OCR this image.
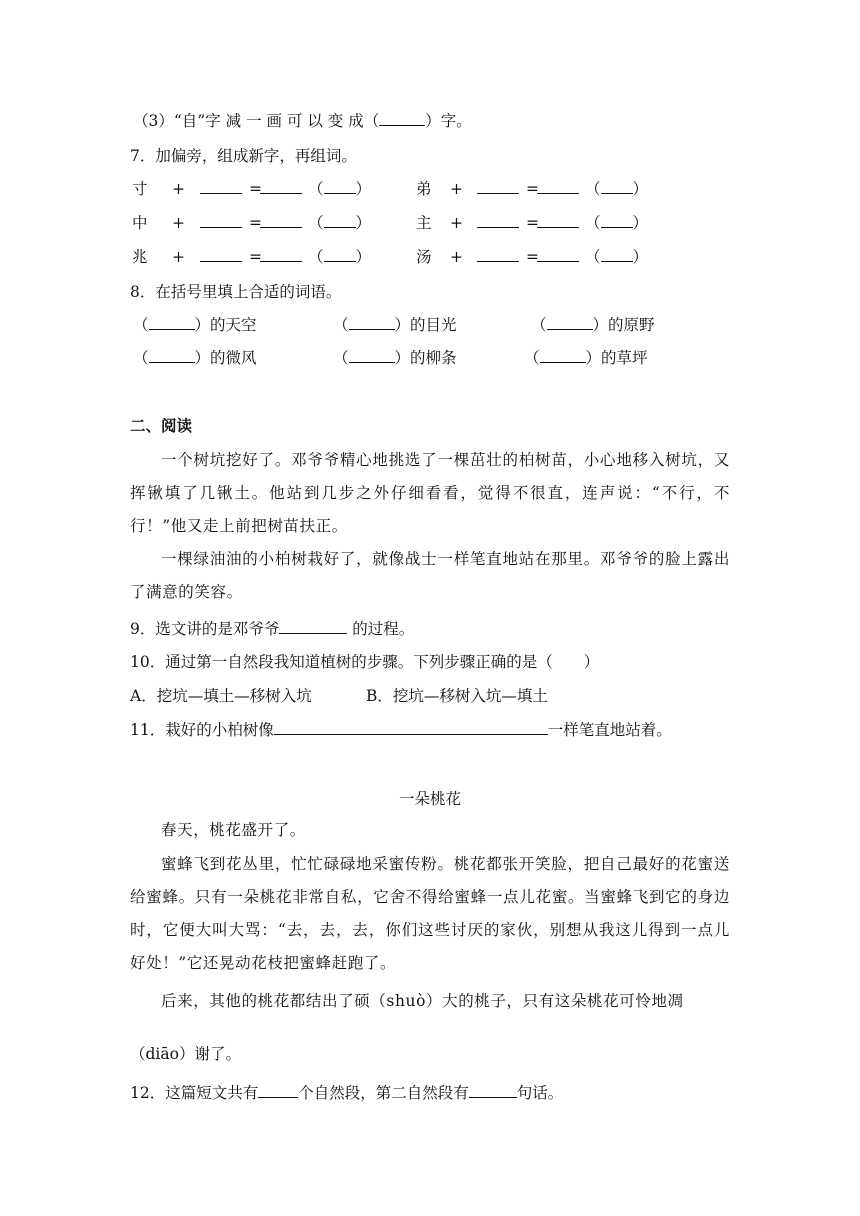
（3）“自”字 减 一 画 可 以 变 成（	）字。
7．加偏旁，组成新字，再组词。
寸 +	=	（ ）	弟 +	=	（ ）
中 +	=	（ ）	主 +	=	（ ）
兆 +	=	（ ）	汤 +	=	（ ）
8．在括号里填上合适的词语。
（	）的天空	（	）的目光	（	）的原野
（	）的微风	（	）的柳条	（	）的草坪
二、阅读
一个树坑挖好了。邓爷爷精心地挑选了一棵茁壮的柏树苗，小心地移入树坑，又挥锹填了几锹土。他站到几步之外仔细看看，觉得不很直，连声说：“不行，不行！”他又走上前把树苗扶正。
一棵绿油油的小柏树栽好了，就像战士一样笔直地站在那里。邓爷爷的脸上露出了满意的笑容。
9．选文讲的是邓爷爷	的过程。
10．通过第一自然段我知道植树的步骤。下列步骤正确的是（　　）
A．挖坑—填土—移树入坑	B．挖坑—移树入坑—填土
11．栽好的小柏树像	一样笔直地站着。
一朵桃花
春天，桃花盛开了。
蜜蜂飞到花丛里，忙忙碌碌地采蜜传粉。桃花都张开笑脸，把自己最好的花蜜送给蜜蜂。只有一朵桃花非常自私，它舍不得给蜜蜂一点儿花蜜。当蜜蜂飞到它的身边时，它便大叫大骂：“去，去，去，你们这些讨厌的家伙，别想从我这儿得到一点儿好处！”它还晃动花枝把蜜蜂赶跑了。
后来，其他的桃花都结出了硕（shuò）大的桃子，只有这朵桃花可怜地凋
（diāo）谢了。
12．这篇短文共有	个自然段，第二自然段有	句话。
